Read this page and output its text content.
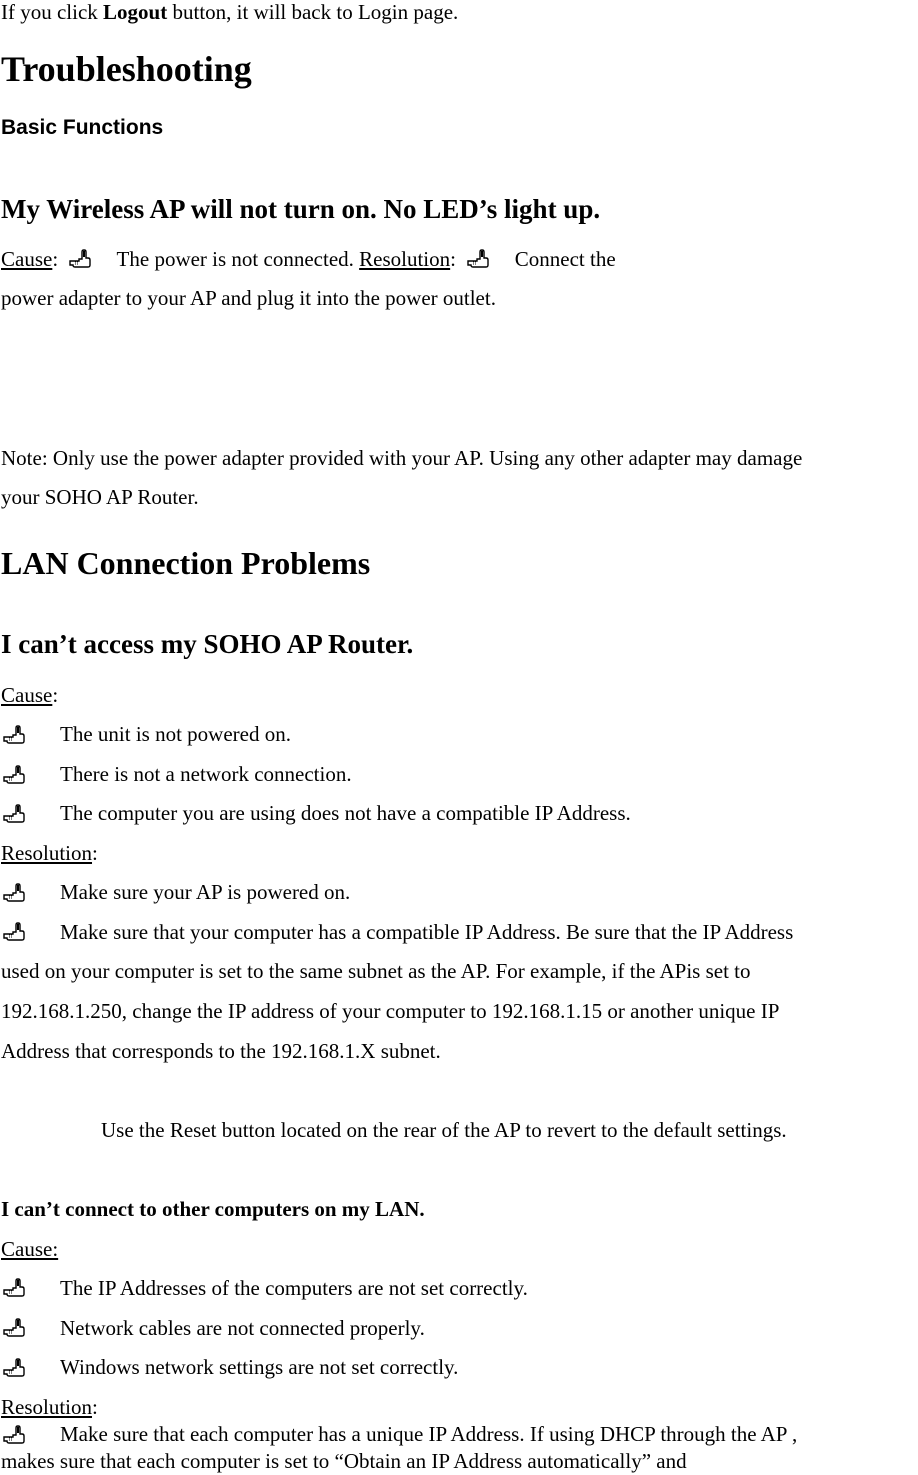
If you click Logout button, it will back to Login page.
Troubleshooting
Basic Functions
My Wireless AP will not turn on. No LED’s light up.
Cause:       The power is not connected. Resolution:       Connect the
power adapter to your AP and plug it into the power outlet.
Note: Only use the power adapter provided with your AP. Using any other adapter may damage
your SOHO AP Router.
LAN Connection Problems
I can’t access my SOHO AP Router.
Cause:
The unit is not powered on.
There is not a network connection.
The computer you are using does not have a compatible IP Address.
Resolution:
Make sure your AP is powered on.
Make sure that your computer has a compatible IP Address. Be sure that the IP Address
used on your computer is set to the same subnet as the AP. For example, if the APis set to
192.168.1.250, change the IP address of your computer to 192.168.1.15 or another unique IP
Address that corresponds to the 192.168.1.X subnet.
Use the Reset button located on the rear of the AP to revert to the default settings.
I can’t connect to other computers on my LAN.
Cause:
The IP Addresses of the computers are not set correctly.
Network cables are not connected properly.
Windows network settings are not set correctly.
Resolution:
Make sure that each computer has a unique IP Address. If using DHCP through the AP ,
makes sure that each computer is set to “Obtain an IP Address automatically” and
